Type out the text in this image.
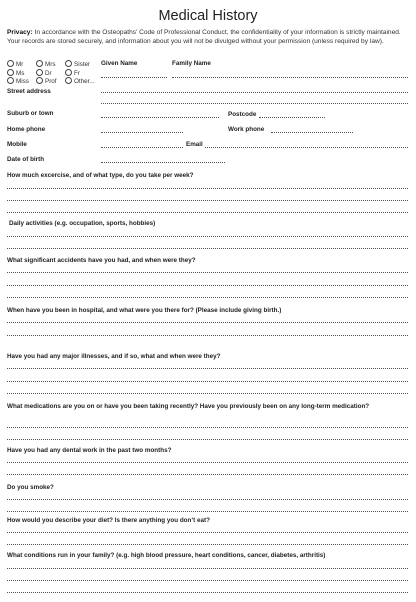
Medical History
Privacy: In accordance with the Osteopaths’ Code of Professional Conduct, the confidentiality of your information is strictly maintained. Your records are stored securely, and information about you will not be divulged without your permission (unless required by law).
Mr	Mrs	Sister
Ms	Dr	Fr
Miss	Prof	Other...
Given Name	Family Name
Street address
Suburb or town	Postcode
Home phone	Work phone
Mobile	Email
Date of birth
How much excercise, and of what type, do you take per week?
Daily activities (e.g. occupation, sports, hobbies)
What significant accidents have you had, and when were they?
When have you been in hospital, and what were you there for? (Please include giving birth.)
Have you had any major illnesses, and if so, what and when were they?
What medications are you on or have you been taking recently? Have you previously been on any long-term medication?
Have you had any dental work in the past two months?
Do you smoke?
How would you describe your diet? Is there anything you don’t eat?
What conditions run in your family? (e.g. high blood pressure, heart conditions, cancer, diabetes, arthritis)
